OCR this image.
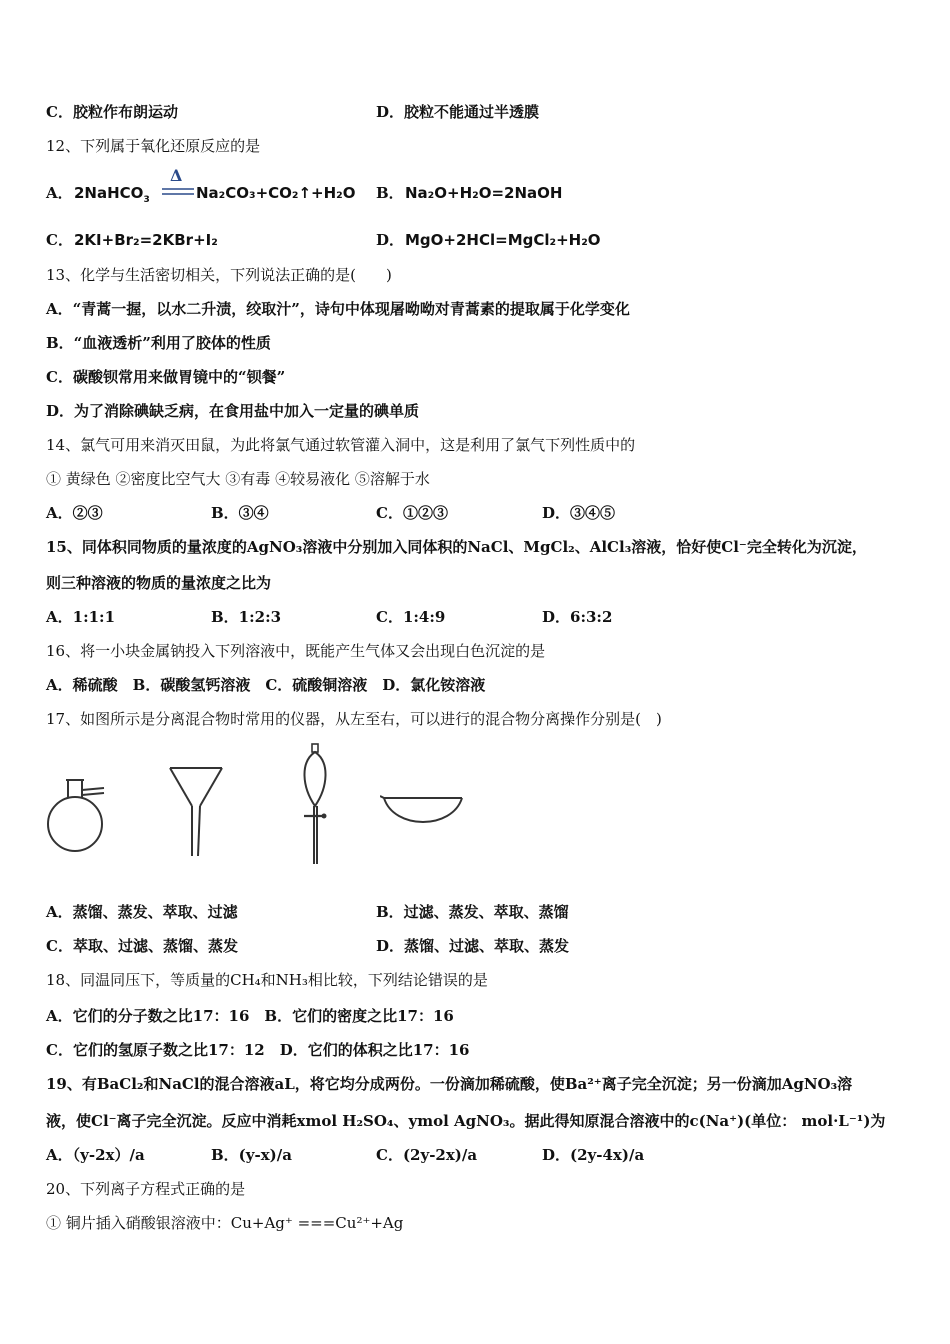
C．胶粒作布朗运动	D．胶粒不能通过半透膜
12、下列属于氧化还原反应的是
A． 2NaHCO$_3$
Δ
Na₂CO₃+CO₂↑+H₂O B． Na₂O+H₂O=2NaOH
C． 2KI+Br₂=2KBr+I₂	D． MgO+2HCl=MgCl₂+H₂O
13、化学与生活密切相关，下列说法正确的是(　　)
A．“青蒿一握，以水二升渍，绞取汁”，诗句中体现屠呦呦对青蒿素的提取属于化学变化
B．“血液透析”利用了胶体的性质
C．碳酸钡常用来做胃镜中的“钡餐”
D．为了消除碘缺乏病，在食用盐中加入一定量的碘单质
14、氯气可用来消灭田鼠，为此将氯气通过软管灌入洞中，这是利用了氯气下列性质中的
① 黄绿色 ②密度比空气大 ③有毒 ④较易液化 ⑤溶解于水
A．②③	B．③④	C．①②③	D．③④⑤
15、同体积同物质的量浓度的AgNO₃溶液中分别加入同体积的NaCl、MgCl₂、AlCl₃溶液，恰好使Cl⁻完全转化为沉淀，
则三种溶液的物质的量浓度之比为
A．1:1:1	B．1:2:3	C．1:4:9	D．6:3:2
16、将一小块金属钠投入下列溶液中，既能产生气体又会出现白色沉淀的是
A．稀硫酸　B．碳酸氢钙溶液　C．硫酸铜溶液　D．氯化铵溶液
17、如图所示是分离混合物时常用的仪器，从左至右，可以进行的混合物分离操作分别是(　)
A．蒸馏、蒸发、萃取、过滤	B．过滤、蒸发、萃取、蒸馏
C．萃取、过滤、蒸馏、蒸发	D．蒸馏、过滤、萃取、蒸发
18、同温同压下，等质量的CH₄和NH₃相比较，下列结论错误的是
A．它们的分子数之比17：16　B．它们的密度之比17：16
C．它们的氢原子数之比17：12　D．它们的体积之比17：16
19、有BaCl₂和NaCl的混合溶液aL，将它均分成两份。一份滴加稀硫酸，使Ba²⁺离子完全沉淀；另一份滴加AgNO₃溶
液，使Cl⁻离子完全沉淀。反应中消耗xmol H₂SO₄、ymol AgNO₃。据此得知原混合溶液中的c(Na⁺)(单位： mol·L⁻¹)为
A．（y-2x）/a	B．(y-x)/a	C．(2y-2x)/a	D．(2y-4x)/a
20、下列离子方程式正确的是
① 铜片插入硝酸银溶液中：Cu+Ag⁺ ===Cu²⁺+Ag
